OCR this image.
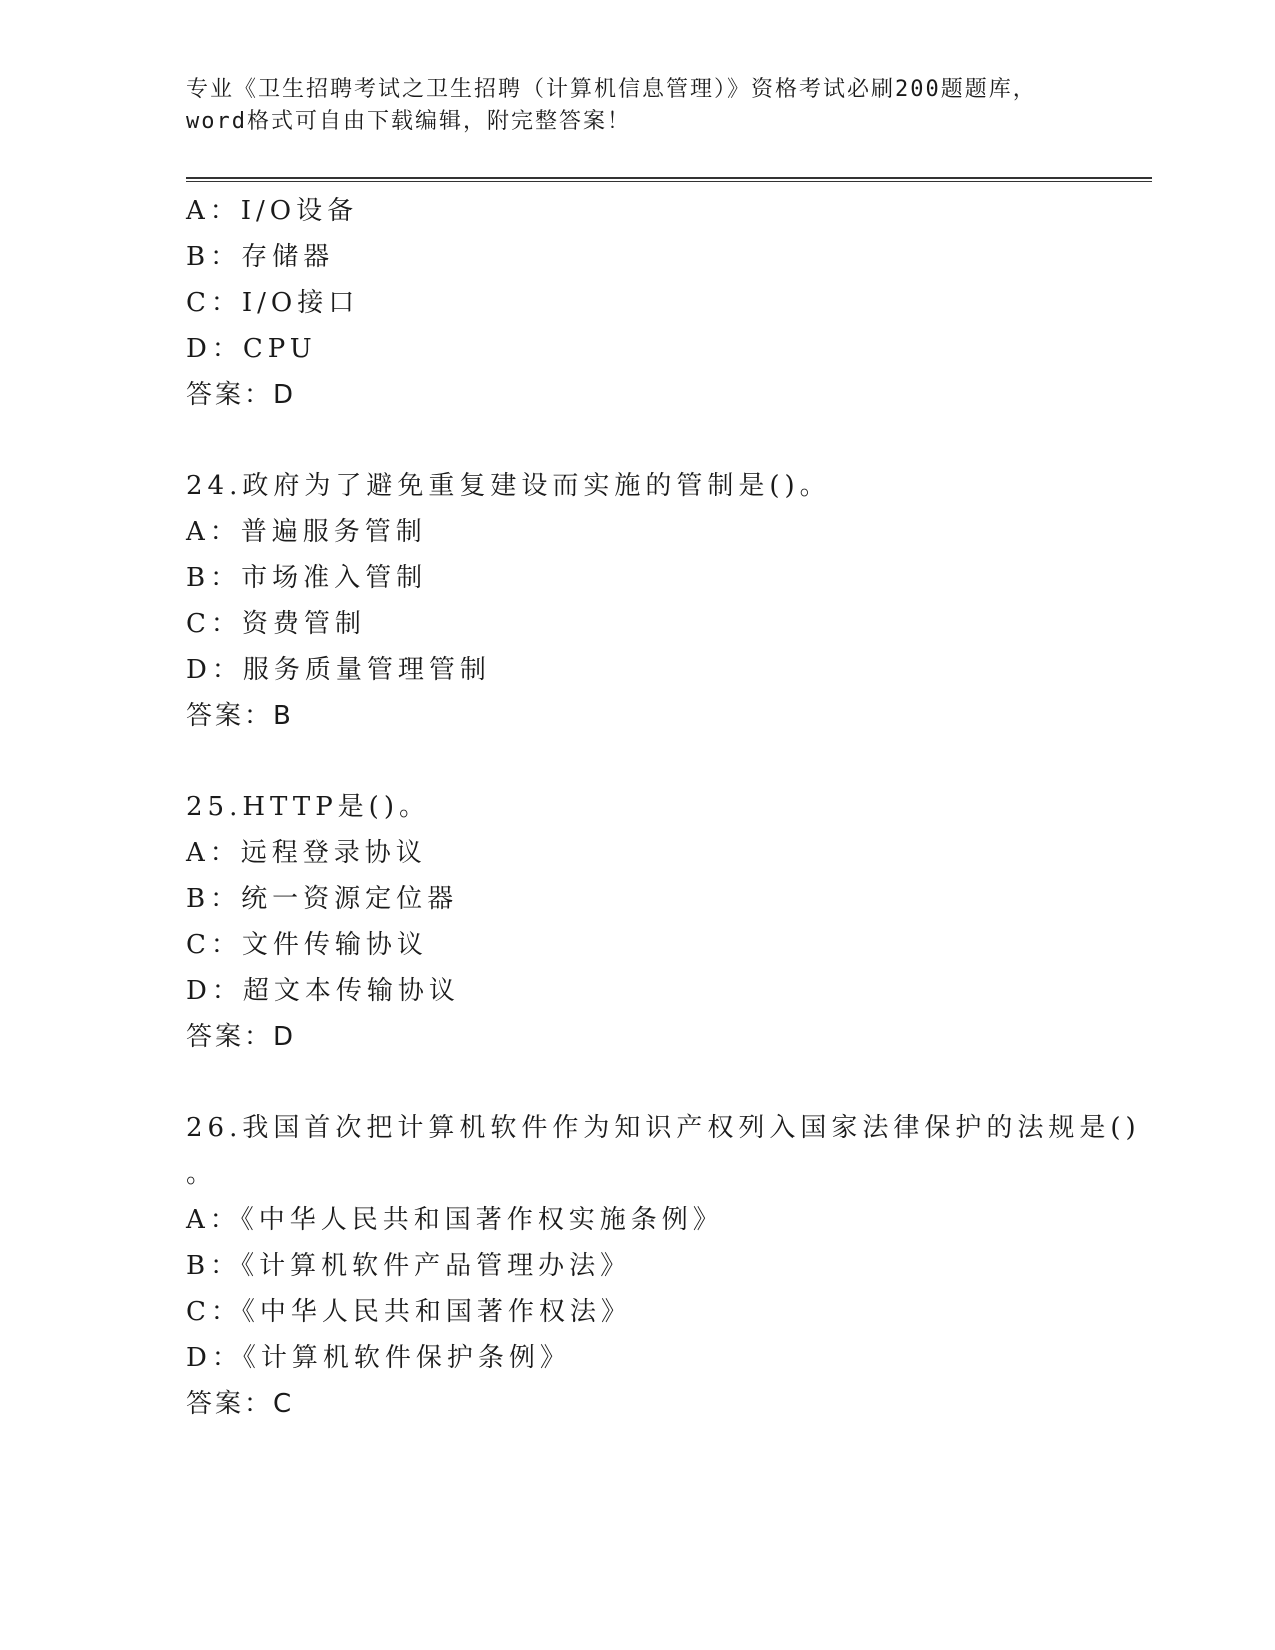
专业《卫生招聘考试之卫生招聘（计算机信息管理）》资格考试必刷200题题库，

word格式可自由下载编辑，附完整答案！

A：I/O设备
B：存储器
C：I/O接口
D：CPU
答案：D
24.政府为了避免重复建设而实施的管制是()。
A：普遍服务管制
B：市场准入管制
C：资费管制
D：服务质量管理管制
答案：B
25.HTTP是()。
A：远程登录协议
B：统一资源定位器
C：文件传输协议
D：超文本传输协议
答案：D
26.我国首次把计算机软件作为知识产权列入国家法律保护的法规是()
。
A：《中华人民共和国著作权实施条例》
B：《计算机软件产品管理办法》
C：《中华人民共和国著作权法》
D：《计算机软件保护条例》
答案：C
